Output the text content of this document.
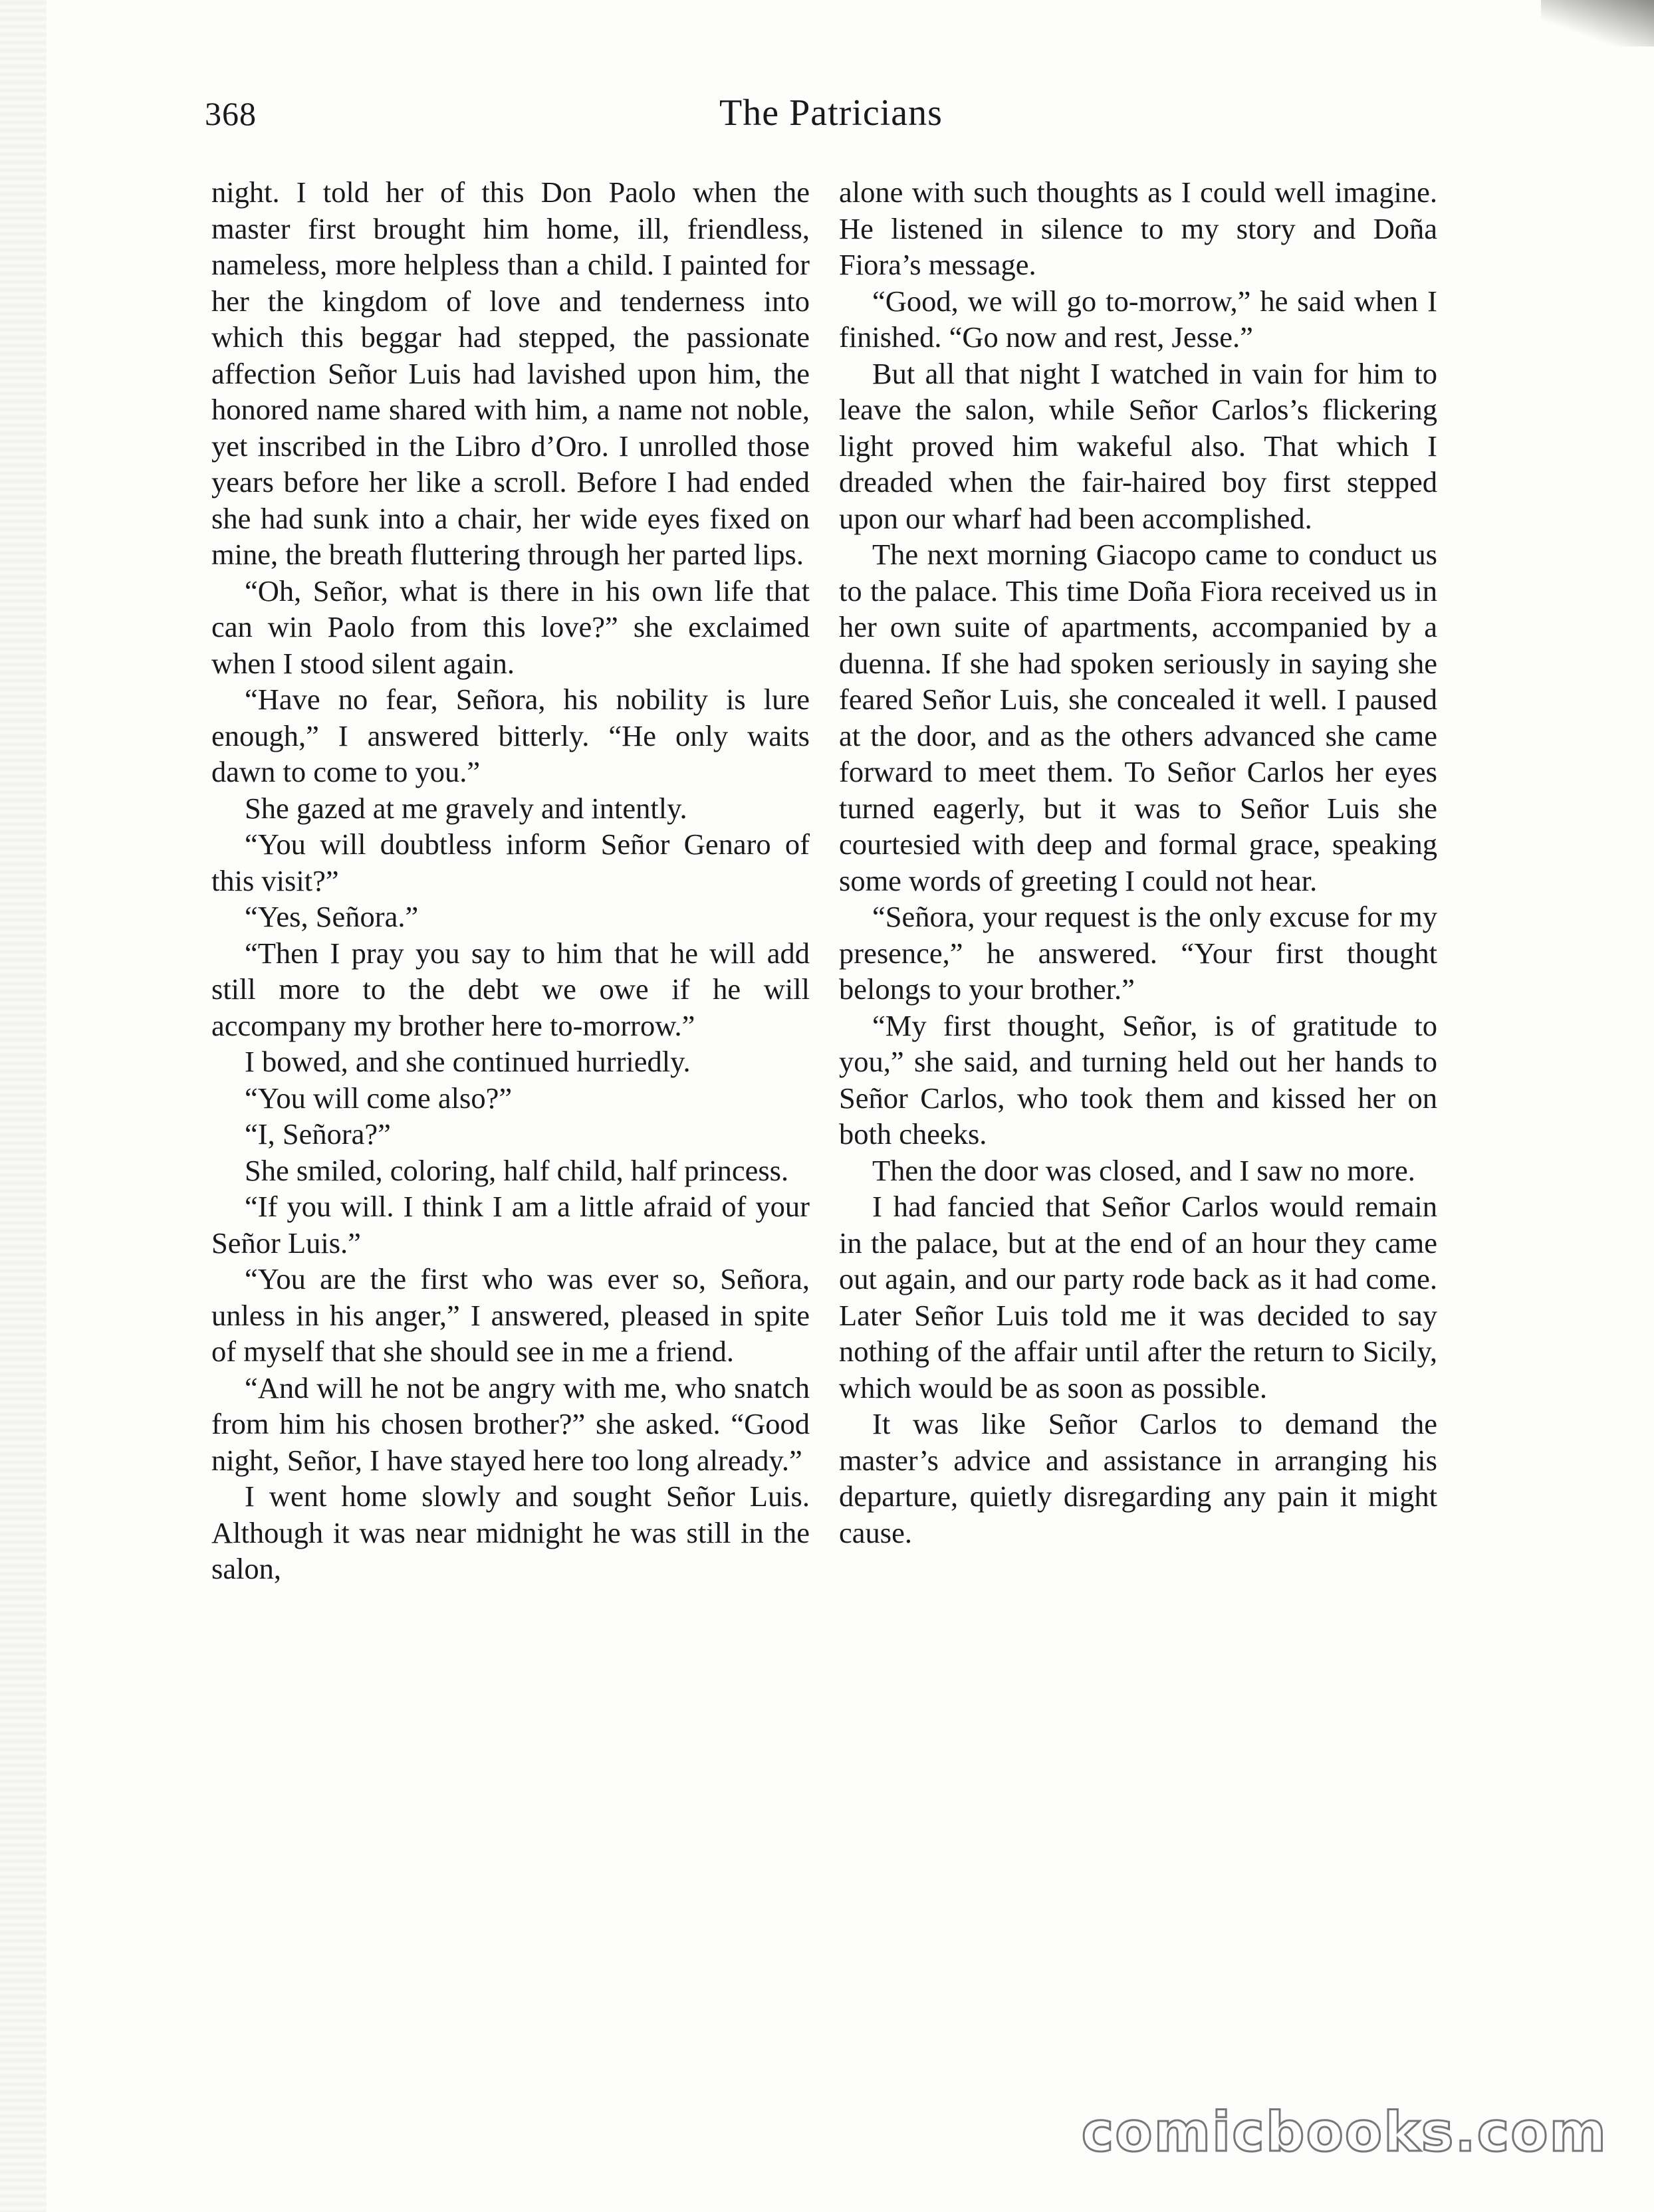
368	The Patricians

night. I told her of this Don Paolo when the master first brought him home, ill, friendless, nameless, more helpless than a child. I painted for her the kingdom of love and tenderness into which this beggar had stepped, the passionate affection Señor Luis had lavished upon him, the honored name shared with him, a name not noble, yet inscribed in the Libro d’Oro. I unrolled those years before her like a scroll. Before I had ended she had sunk into a chair, her wide eyes fixed on mine, the breath fluttering through her parted lips.

“Oh, Señor, what is there in his own life that can win Paolo from this love?” she exclaimed when I stood silent again.

“Have no fear, Señora, his nobility is lure enough,” I answered bitterly. “He only waits dawn to come to you.”

She gazed at me gravely and intently.

“You will doubtless inform Señor Genaro of this visit?”

“Yes, Señora.”

“Then I pray you say to him that he will add still more to the debt we owe if he will accompany my brother here to-morrow.”

I bowed, and she continued hurriedly.

“You will come also?”

“I, Señora?”

She smiled, coloring, half child, half princess.

“If you will. I think I am a little afraid of your Señor Luis.”

“You are the first who was ever so, Señora, unless in his anger,” I answered, pleased in spite of myself that she should see in me a friend.

“And will he not be angry with me, who snatch from him his chosen brother?” she asked. “Good night, Señor, I have stayed here too long already.”

I went home slowly and sought Señor Luis. Although it was near midnight he was still in the salon,

alone with such thoughts as I could well imagine. He listened in silence to my story and Doña Fiora’s message.

“Good, we will go to-morrow,” he said when I finished. “Go now and rest, Jesse.”

But all that night I watched in vain for him to leave the salon, while Señor Carlos’s flickering light proved him wakeful also. That which I dreaded when the fair-haired boy first stepped upon our wharf had been accomplished.

The next morning Giacopo came to conduct us to the palace. This time Doña Fiora received us in her own suite of apartments, accompanied by a duenna. If she had spoken seriously in saying she feared Señor Luis, she concealed it well. I paused at the door, and as the others advanced she came forward to meet them. To Señor Carlos her eyes turned eagerly, but it was to Señor Luis she courtesied with deep and formal grace, speaking some words of greeting I could not hear.

“Señora, your request is the only excuse for my presence,” he answered. “Your first thought belongs to your brother.”

“My first thought, Señor, is of gratitude to you,” she said, and turning held out her hands to Señor Carlos, who took them and kissed her on both cheeks.

Then the door was closed, and I saw no more.

I had fancied that Señor Carlos would remain in the palace, but at the end of an hour they came out again, and our party rode back as it had come. Later Señor Luis told me it was decided to say nothing of the affair until after the return to Sicily, which would be as soon as possible.

It was like Señor Carlos to demand the master’s advice and assistance in arranging his departure, quietly disregarding any pain it might cause.

comicbooks.com
